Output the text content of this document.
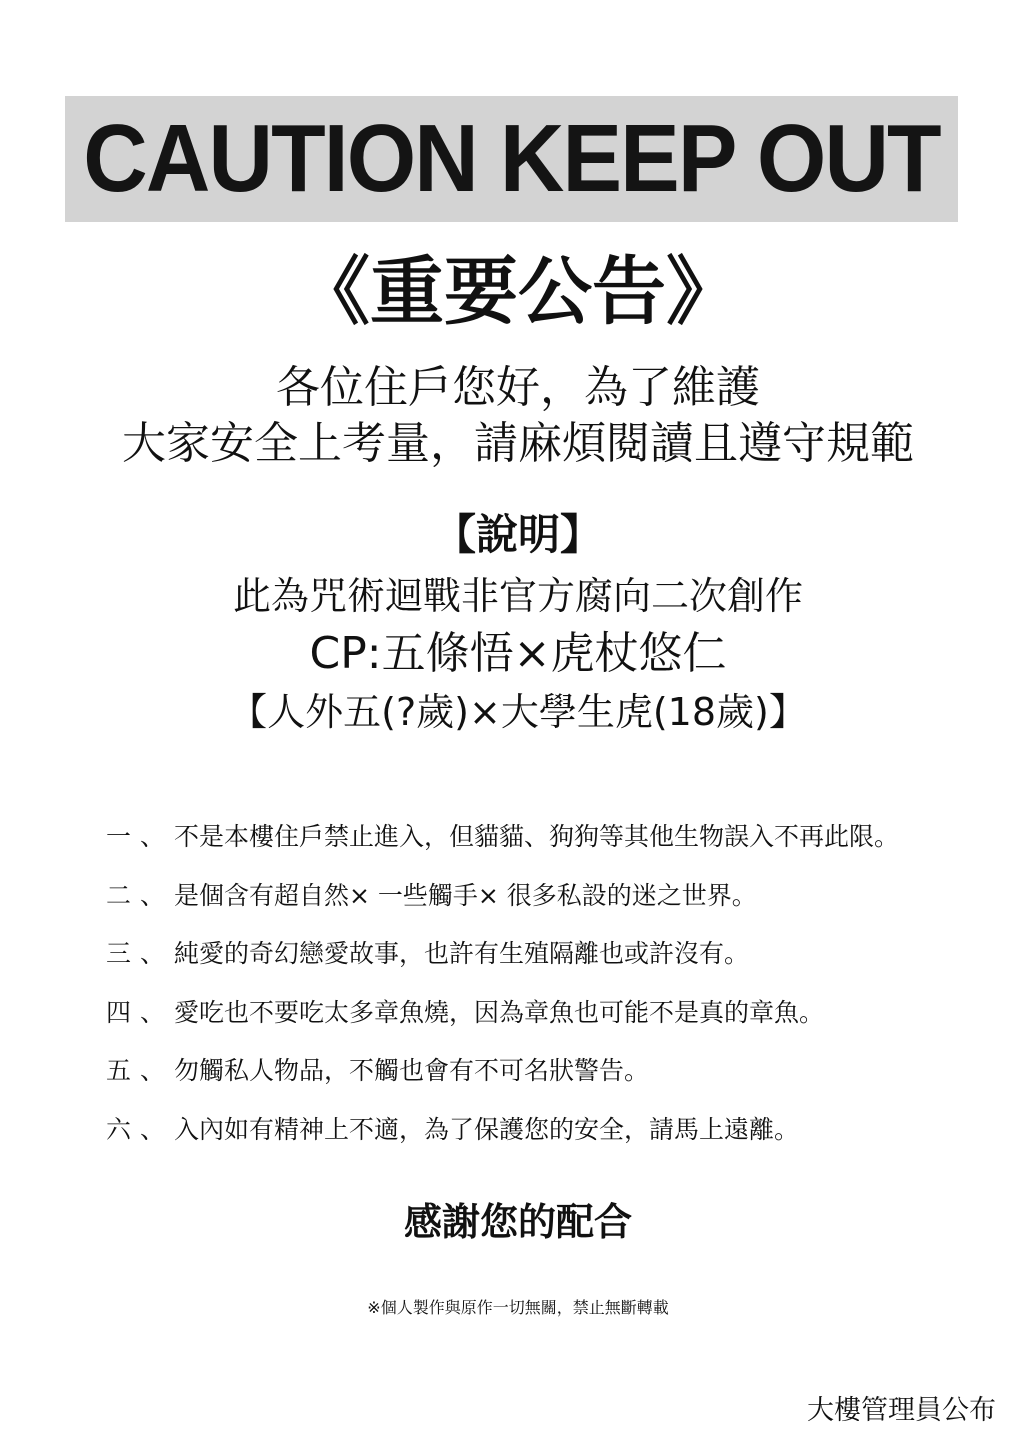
CAUTION KEEP OUT
《重要公告》
各位住戶您好，為了維護
大家安全上考量，請麻煩閱讀且遵守規範
【說明】
此為咒術迴戰非官方腐向二次創作
CP:五條悟×虎杖悠仁
【人外五(?歲)×大學生虎(18歲)】
一 、 不是本樓住戶禁止進入，但貓貓、狗狗等其他生物誤入不再此限。
二 、 是個含有超自然× 一些觸手× 很多私設的迷之世界。
三 、 純愛的奇幻戀愛故事，也許有生殖隔離也或許沒有。
四 、 愛吃也不要吃太多章魚燒，因為章魚也可能不是真的章魚。
五 、 勿觸私人物品，不觸也會有不可名狀警告。
六 、 入內如有精神上不適，為了保護您的安全，請馬上遠離。
感謝您的配合
※個人製作與原作一切無關，禁止無斷轉載
大樓管理員公布
